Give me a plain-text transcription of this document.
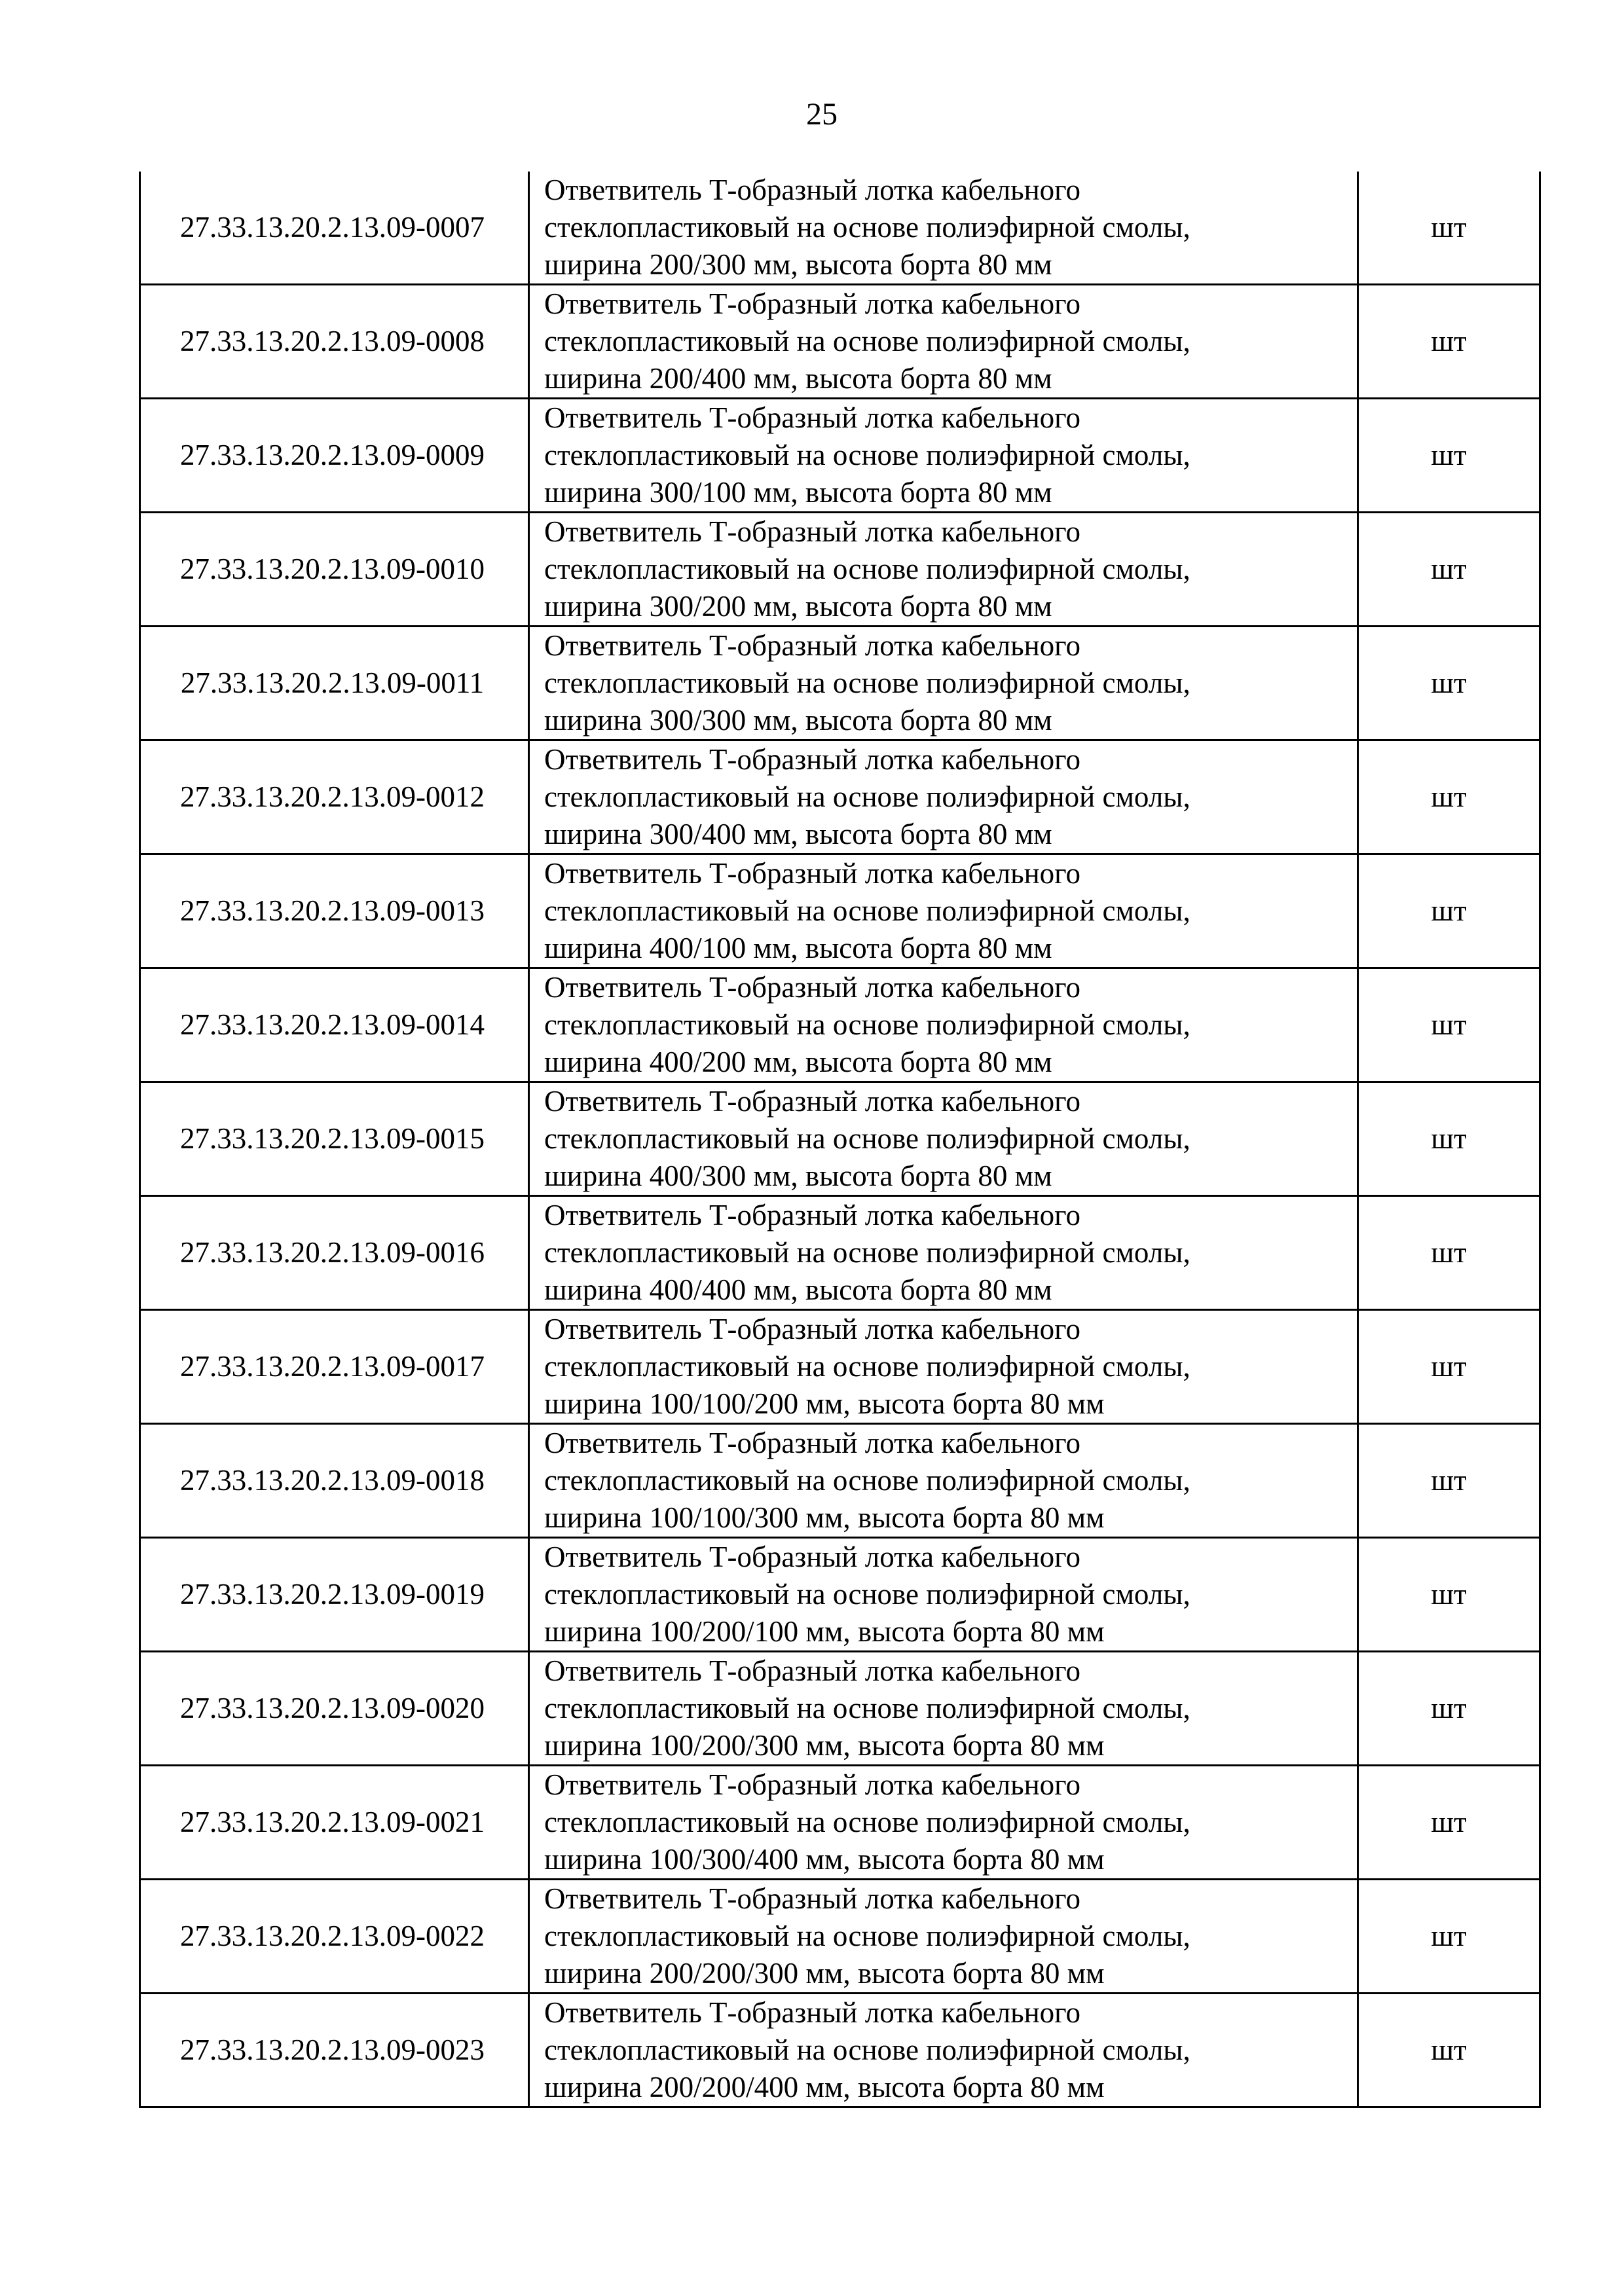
25
27.33.13.20.2.13.09-0007	Ответвитель Т-образный лотка кабельного
стеклопластиковый на основе полиэфирной смолы,
ширина 200/300 мм, высота борта 80 мм	шт
27.33.13.20.2.13.09-0008	Ответвитель Т-образный лотка кабельного
стеклопластиковый на основе полиэфирной смолы,
ширина 200/400 мм, высота борта 80 мм	шт
27.33.13.20.2.13.09-0009	Ответвитель Т-образный лотка кабельного
стеклопластиковый на основе полиэфирной смолы,
ширина 300/100 мм, высота борта 80 мм	шт
27.33.13.20.2.13.09-0010	Ответвитель Т-образный лотка кабельного
стеклопластиковый на основе полиэфирной смолы,
ширина 300/200 мм, высота борта 80 мм	шт
27.33.13.20.2.13.09-0011	Ответвитель Т-образный лотка кабельного
стеклопластиковый на основе полиэфирной смолы,
ширина 300/300 мм, высота борта 80 мм	шт
27.33.13.20.2.13.09-0012	Ответвитель Т-образный лотка кабельного
стеклопластиковый на основе полиэфирной смолы,
ширина 300/400 мм, высота борта 80 мм	шт
27.33.13.20.2.13.09-0013	Ответвитель Т-образный лотка кабельного
стеклопластиковый на основе полиэфирной смолы,
ширина 400/100 мм, высота борта 80 мм	шт
27.33.13.20.2.13.09-0014	Ответвитель Т-образный лотка кабельного
стеклопластиковый на основе полиэфирной смолы,
ширина 400/200 мм, высота борта 80 мм	шт
27.33.13.20.2.13.09-0015	Ответвитель Т-образный лотка кабельного
стеклопластиковый на основе полиэфирной смолы,
ширина 400/300 мм, высота борта 80 мм	шт
27.33.13.20.2.13.09-0016	Ответвитель Т-образный лотка кабельного
стеклопластиковый на основе полиэфирной смолы,
ширина 400/400 мм, высота борта 80 мм	шт
27.33.13.20.2.13.09-0017	Ответвитель Т-образный лотка кабельного
стеклопластиковый на основе полиэфирной смолы,
ширина 100/100/200 мм, высота борта 80 мм	шт
27.33.13.20.2.13.09-0018	Ответвитель Т-образный лотка кабельного
стеклопластиковый на основе полиэфирной смолы,
ширина 100/100/300 мм, высота борта 80 мм	шт
27.33.13.20.2.13.09-0019	Ответвитель Т-образный лотка кабельного
стеклопластиковый на основе полиэфирной смолы,
ширина 100/200/100 мм, высота борта 80 мм	шт
27.33.13.20.2.13.09-0020	Ответвитель Т-образный лотка кабельного
стеклопластиковый на основе полиэфирной смолы,
ширина 100/200/300 мм, высота борта 80 мм	шт
27.33.13.20.2.13.09-0021	Ответвитель Т-образный лотка кабельного
стеклопластиковый на основе полиэфирной смолы,
ширина 100/300/400 мм, высота борта 80 мм	шт
27.33.13.20.2.13.09-0022	Ответвитель Т-образный лотка кабельного
стеклопластиковый на основе полиэфирной смолы,
ширина 200/200/300 мм, высота борта 80 мм	шт
27.33.13.20.2.13.09-0023	Ответвитель Т-образный лотка кабельного
стеклопластиковый на основе полиэфирной смолы,
ширина 200/200/400 мм, высота борта 80 мм	шт
